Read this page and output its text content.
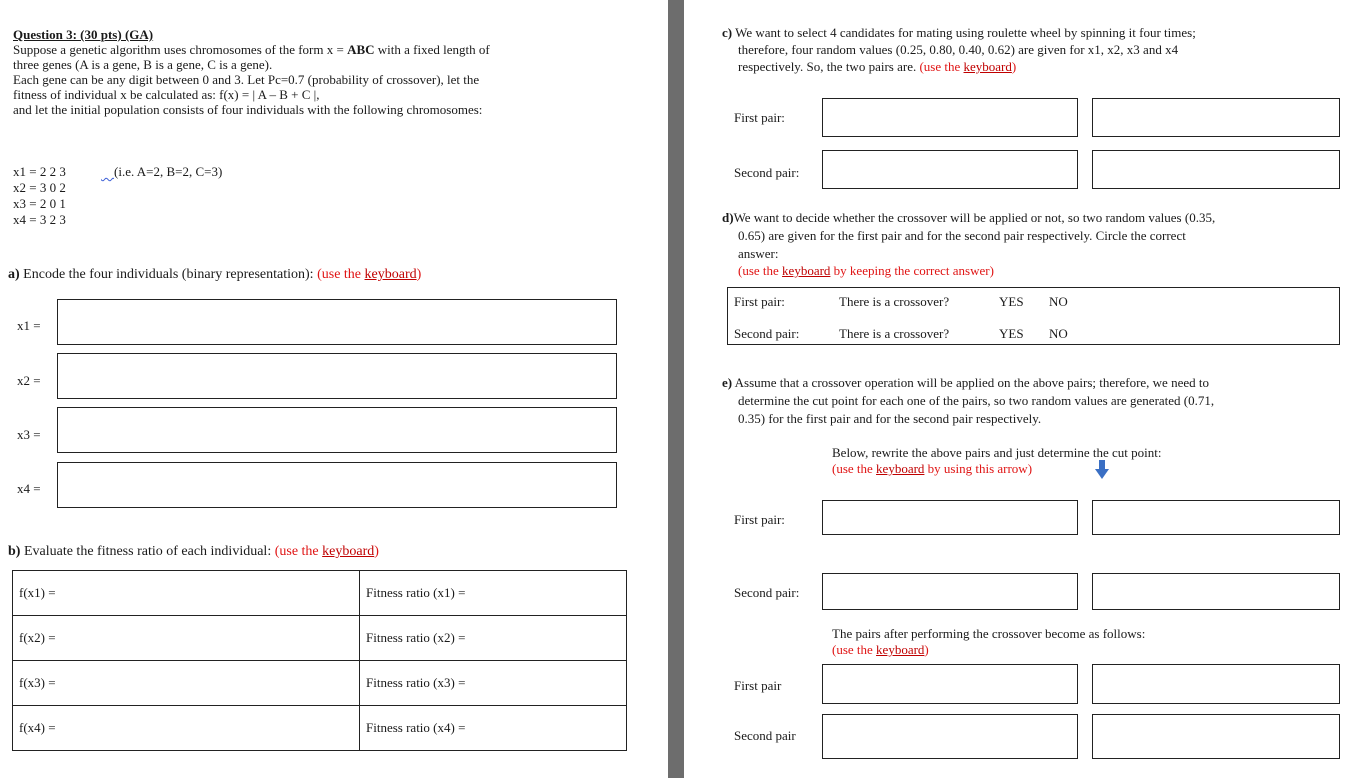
Question 3: (30 pts) (GA)
Suppose a genetic algorithm uses chromosomes of the form x = ABC with a fixed length of
three genes (A is a gene, B is a gene, C is a gene).
Each gene can be any digit between 0 and 3. Let Pc=0.7 (probability of crossover), let the
fitness of individual x be calculated as: f(x) = | A – B + C |,
and let the initial population consists of four individuals with the following chromosomes:
x1 = 2 2 3	(i.e. A=2, B=2, C=3)
x2 = 3 0 2
x3 = 2 0 1
x4 = 3 2 3
a) Encode the four individuals (binary representation): (use the keyboard)
x1 =
x2 =
x3 =
x4 =
b) Evaluate the fitness ratio of each individual: (use the keyboard)
f(x1) =	Fitness ratio (x1) =
f(x2) =	Fitness ratio (x2) =
f(x3) =	Fitness ratio (x3) =
f(x4) =	Fitness ratio (x4) =
c) We want to select 4 candidates for mating using roulette wheel by spinning it four times;
therefore, four random values (0.25, 0.80, 0.40, 0.62) are given for x1, x2, x3 and x4
respectively. So, the two pairs are. (use the keyboard)
First pair:
Second pair:
d)We want to decide whether the crossover will be applied or not, so two random values (0.35,
0.65) are given for the first pair and for the second pair respectively. Circle the correct
answer:
(use the keyboard by keeping the correct answer)
First pair:	There is a crossover?	YES NO
Second pair:	There is a crossover?	YES NO
e) Assume that a crossover operation will be applied on the above pairs; therefore, we need to
determine the cut point for each one of the pairs, so two random values are generated (0.71,
0.35) for the first pair and for the second pair respectively.
Below, rewrite the above pairs and just determine the cut point:
(use the keyboard by using this arrow)
First pair:
Second pair:
The pairs after performing the crossover become as follows:
(use the keyboard)
First pair
Second pair
